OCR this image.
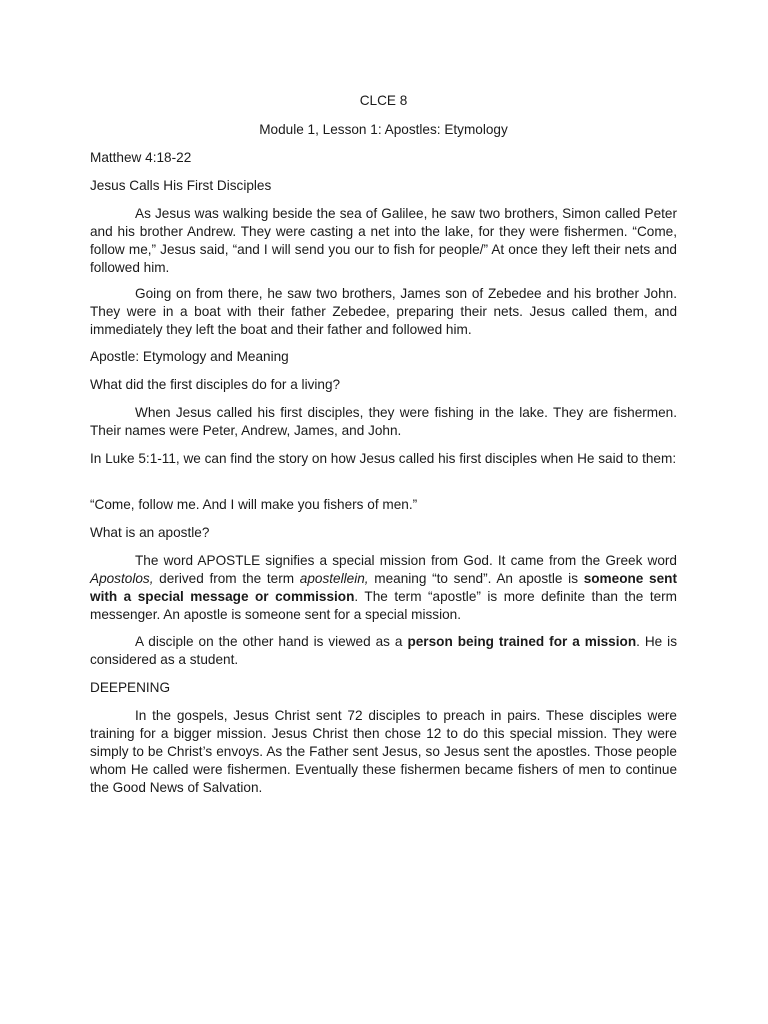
CLCE 8

Module 1, Lesson 1: Apostles: Etymology

Matthew 4:18-22

Jesus Calls His First Disciples

As Jesus was walking beside the sea of Galilee, he saw two brothers, Simon called Peter and his brother Andrew. They were casting a net into the lake, for they were fishermen. “Come, follow me,” Jesus said, “and I will send you our to fish for people/” At once they left their nets and followed him.

Going on from there, he saw two brothers, James son of Zebedee and his brother John. They were in a boat with their father Zebedee, preparing their nets. Jesus called them, and immediately they left the boat and their father and followed him.

Apostle: Etymology and Meaning

What did the first disciples do for a living?

When Jesus called his first disciples, they were fishing in the lake. They are fishermen. Their names were Peter, Andrew, James, and John.

In Luke 5:1-11, we can find the story on how Jesus called his first disciples when He said to them:

“Come, follow me. And I will make you fishers of men.”

What is an apostle?

The word APOSTLE signifies a special mission from God. It came from the Greek word Apostolos, derived from the term apostellein, meaning “to send”. An apostle is someone sent with a special message or commission. The term “apostle” is more definite than the term messenger. An apostle is someone sent for a special mission.

A disciple on the other hand is viewed as a person being trained for a mission. He is considered as a student.

DEEPENING

In the gospels, Jesus Christ sent 72 disciples to preach in pairs. These disciples were training for a bigger mission. Jesus Christ then chose 12 to do this special mission. They were simply to be Christ’s envoys. As the Father sent Jesus, so Jesus sent the apostles. Those people whom He called were fishermen. Eventually these fishermen became fishers of men to continue the Good News of Salvation.
